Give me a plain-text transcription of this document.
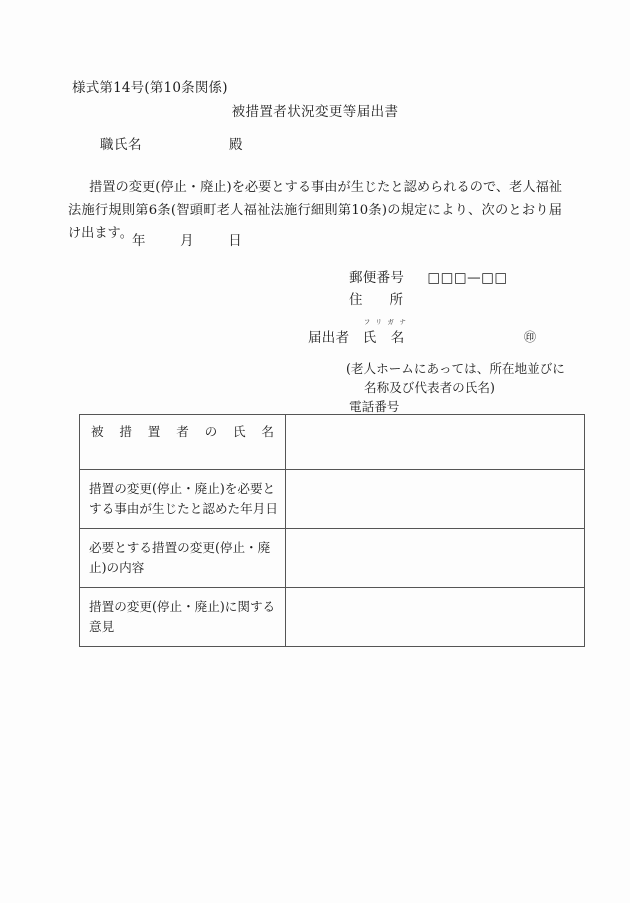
様式第14号(第10条関係)
被措置者状況変更等届出書
職氏名	殿
措置の変更(停止・廃止)を必要とする事由が生じたと認められるので、老人福祉法施行規則第6条(智頭町老人福祉法施行細則第10条)の規定により、次のとおり届け出ます。 年	月	日
郵便番号 □□□—□□
住　　所
届出者
フリガナ
氏　名	㊞
(老人ホームにあっては、所在地並びに
名称及び代表者の氏名)
電話番号
被措置者の氏名	

措置の変更(停止・廃止)を必要とする事由が生じたと認めた年月日	

必要とする措置の変更(停止・廃止)の内容	

措置の変更(停止・廃止)に関する意見	
